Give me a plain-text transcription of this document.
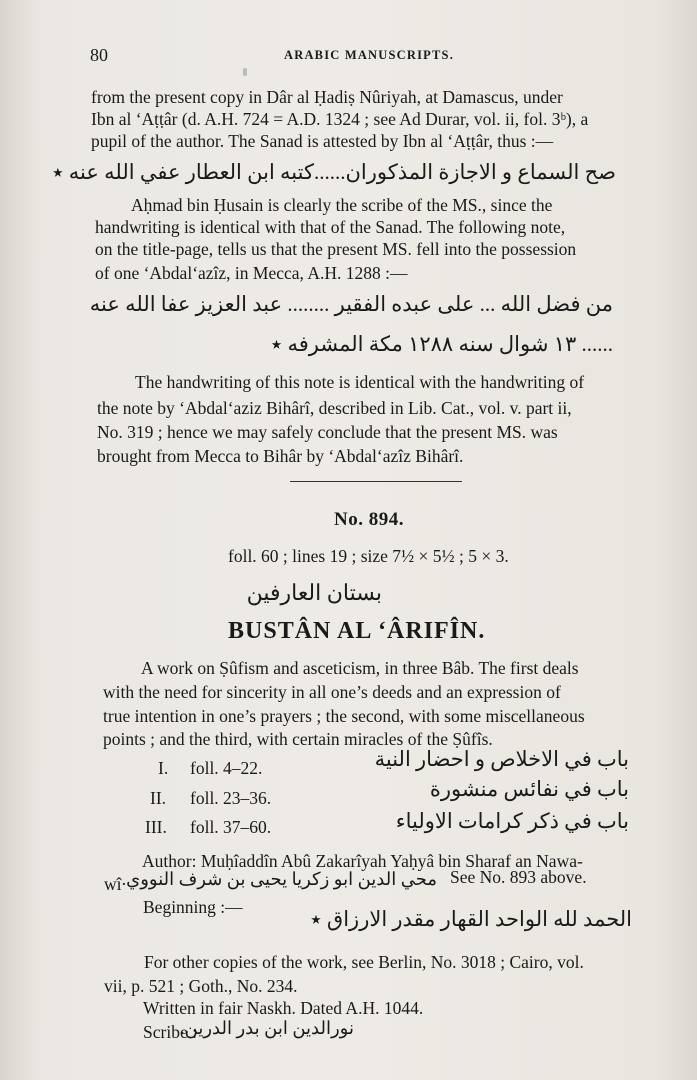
80	ARABIC MANUSCRIPTS.
from the present copy in Dâr al Ḥadiṣ Nûriyah, at Damascus, under
Ibn al ‘Aṭṭâr (d. A.H. 724 = A.D. 1324 ; see Ad Durar, vol. ii, fol. 3ᵇ), a
pupil of the author. The Sanad is attested by Ibn al ‘Aṭṭâr, thus :—
صح السماع و الاجازة المذكوران......كتبه ابن العطار عفي الله عنه ٭
Aḥmad bin Ḥusain is clearly the scribe of the MS., since the
handwriting is identical with that of the Sanad. The following note,
on the title-page, tells us that the present MS. fell into the possession
of one ‘Abdal‘azîz, in Mecca, A.H. 1288 :—
من فضل الله ... على عبده الفقير ........ عبد العزيز عفا الله عنه
...... ١٣ شوال سنه ١٢٨٨ مكة المشرفه ٭
The handwriting of this note is identical with the handwriting of
the note by ‘Abdal‘aziz Bihârî, described in Lib. Cat., vol. v. part ii,
No. 319 ; hence we may safely conclude that the present MS. was
brought from Mecca to Bihâr by ‘Abdal‘azîz Bihârî.
No. 894.
foll. 60 ; lines 19 ; size 7½ × 5½ ; 5 × 3.
بستان العارفين
BUSTÂN AL ‘ÂRIFÎN.
A work on Ṣûfism and asceticism, in three Bâb. The first deals
with the need for sincerity in all one’s deeds and an expression of
true intention in one’s prayers ; the second, with some miscellaneous
points ; and the third, with certain miracles of the Ṣûfîs.
I. foll. 4–22.	باب في الاخلاص و احضار النية
II. foll. 23–36.	باب في نفائس منشورة
III. foll. 37–60.	باب في ذكر كرامات الاولياء
Author: Muḥîaddîn Abû Zakarîyah Yaḥyâ bin Sharaf an Nawa-
wî محي الدين ابو زكريا يحيى بن شرف النووي. See No. 893 above.
Beginning :—	الحمد لله الواحد القهار مقدر الارزاق ٭
For other copies of the work, see Berlin, No. 3018 ; Cairo, vol.
vii, p. 521 ; Goth., No. 234.
Written in fair Naskh. Dated A.H. 1044.
Scribe :
نورالدين ابن بدر الدرين.
